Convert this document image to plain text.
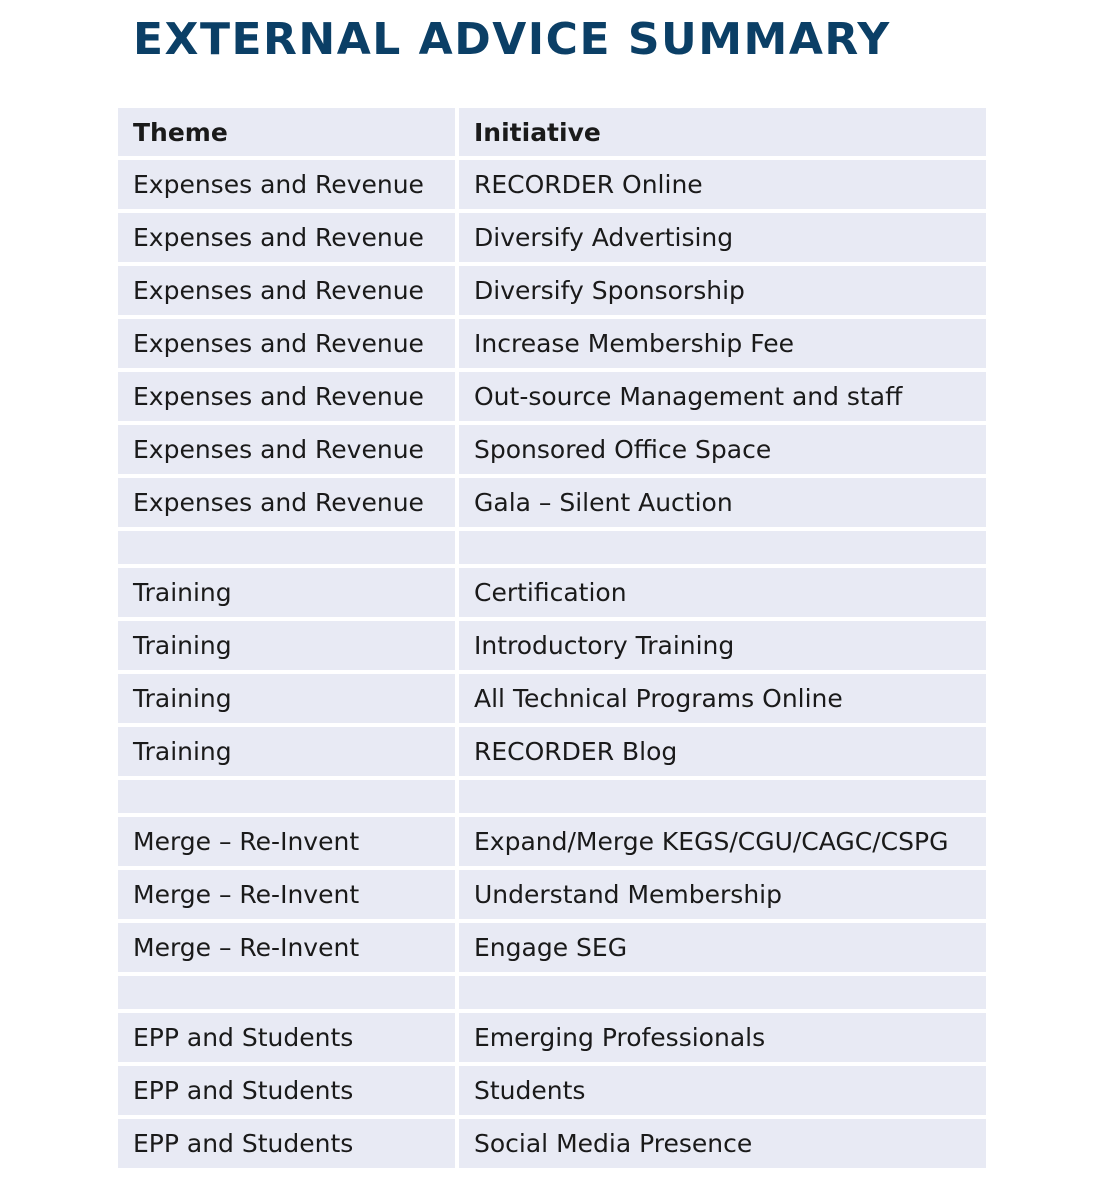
EXTERNAL ADVICE SUMMARY
Theme	Initiative
Expenses and Revenue	RECORDER Online
Expenses and Revenue	Diversify Advertising
Expenses and Revenue	Diversify Sponsorship
Expenses and Revenue	Increase Membership Fee
Expenses and Revenue	Out-source Management and staff
Expenses and Revenue	Sponsored Office Space
Expenses and Revenue	Gala – Silent Auction

Training	Certification
Training	Introductory Training
Training	All Technical Programs Online
Training	RECORDER Blog

Merge – Re-Invent	Expand/Merge KEGS/CGU/CAGC/CSPG
Merge – Re-Invent	Understand Membership
Merge – Re-Invent	Engage SEG

EPP and Students	Emerging Professionals
EPP and Students	Students
EPP and Students	Social Media Presence
